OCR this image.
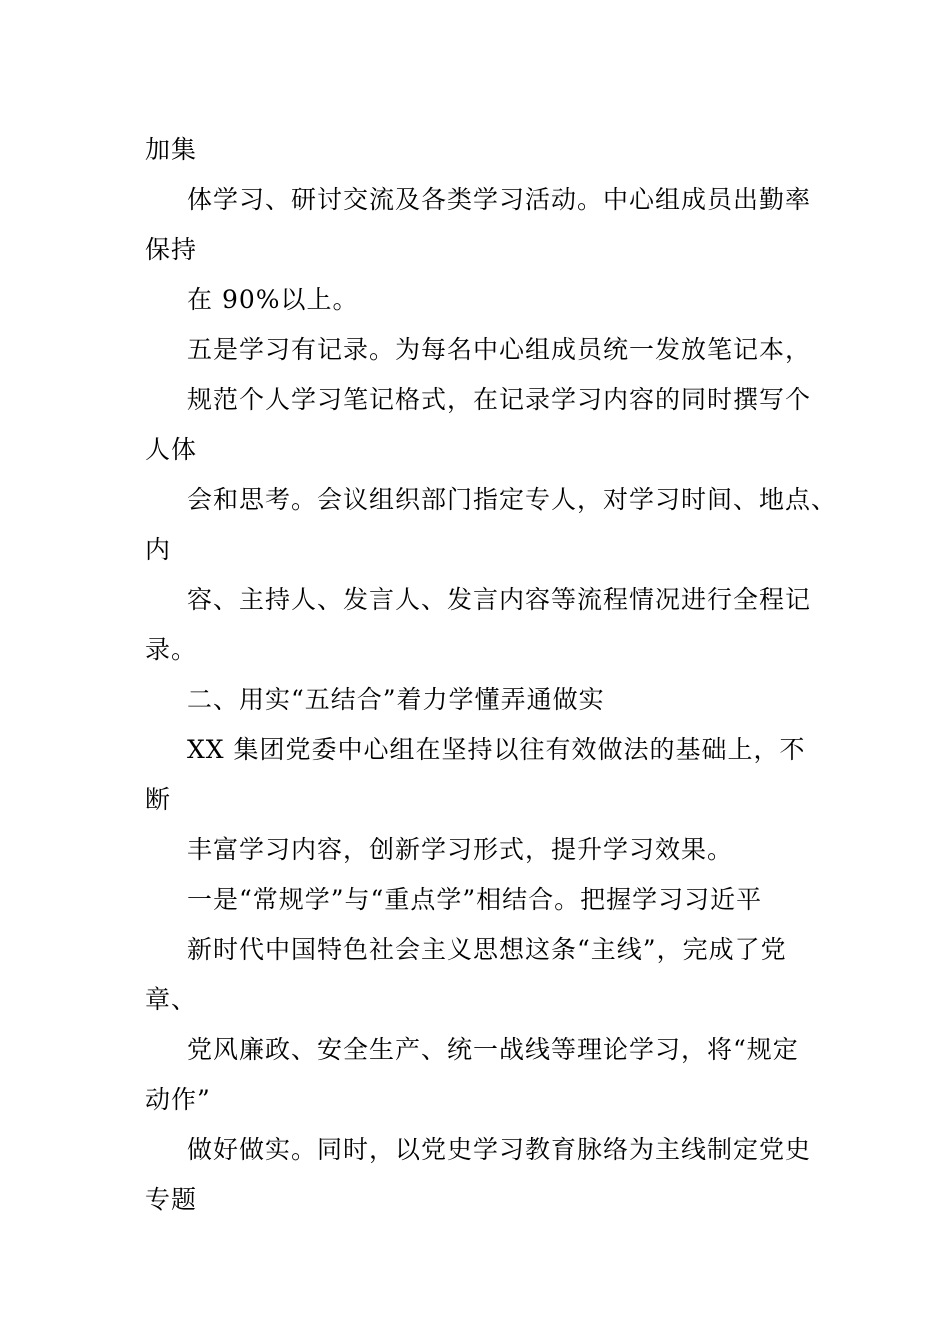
加集
体学习、研讨交流及各类学习活动。中心组成员出勤率
保持
在 90%以上。
五是学习有记录。为每名中心组成员统一发放笔记本，
规范个人学习笔记格式，在记录学习内容的同时撰写个
人体
会和思考。会议组织部门指定专人，对学习时间、地点、
内
容、主持人、发言人、发言内容等流程情况进行全程记
录。
二、用实“五结合”着力学懂弄通做实
XX 集团党委中心组在坚持以往有效做法的基础上，不
断
丰富学习内容，创新学习形式，提升学习效果。
一是“常规学”与“重点学”相结合。把握学习习近平
新时代中国特色社会主义思想这条“主线”，完成了党
章、
党风廉政、安全生产、统一战线等理论学习，将“规定
动作”
做好做实。同时，以党史学习教育脉络为主线制定党史
专题
